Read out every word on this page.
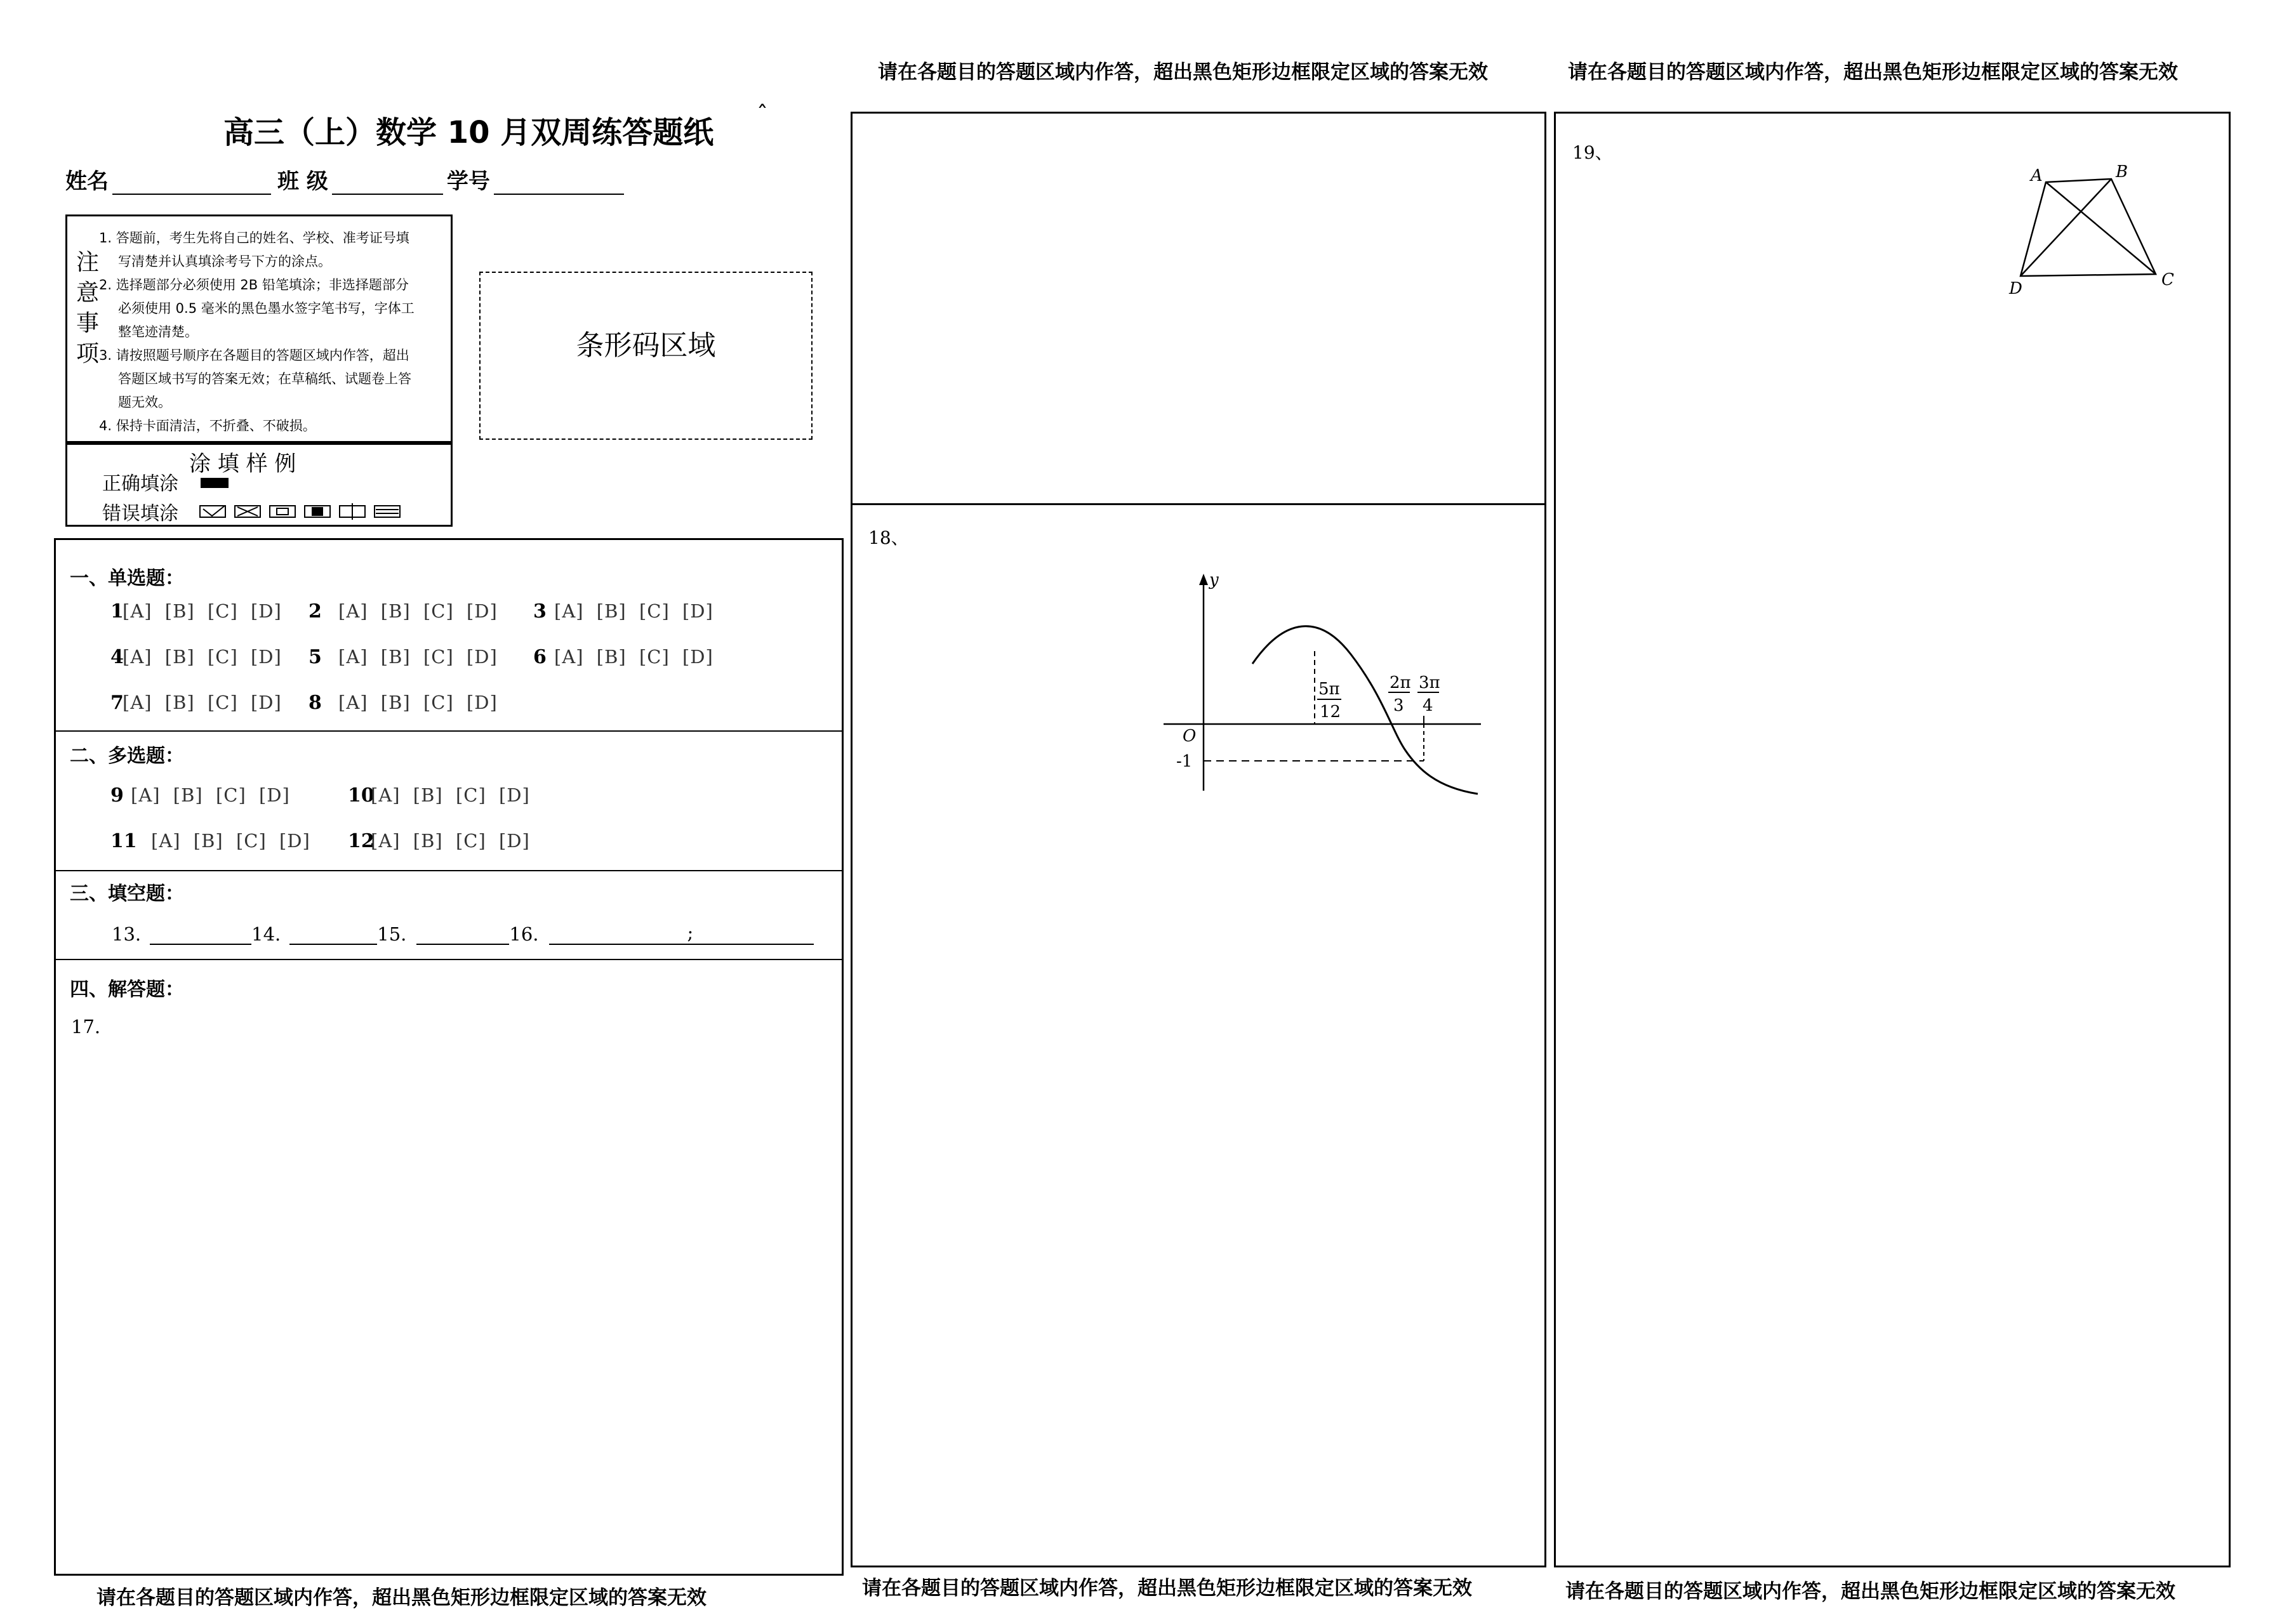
请在各题目的答题区域内作答，超出黑色矩形边框限定区域的答案无效	请在各题目的答题区域内作答，超出黑色矩形边框限定区域的答案无效
高三（上）数学 10 月双周练答题纸
ˆ
姓名	班 级	学号
注
意
事
项
1. 答题前，考生先将自己的姓名、学校、准考证号填
写清楚并认真填涂考号下方的涂点。
2. 选择题部分必须使用 2B 铅笔填涂；非选择题部分
必须使用 0.5 毫米的黑色墨水签字笔书写，字体工
整笔迹清楚。
3. 请按照题号顺序在各题目的答题区域内作答，超出
答题区域书写的答案无效；在草稿纸、试题卷上答
题无效。
4. 保持卡面清洁，不折叠、不破损。
条形码区域
涂 填 样 例
正确填涂
错误填涂
一、单选题：
1
[A] [B] [C] [D] 2 [A] [B] [C] [D] 3 [A] [B] [C] [D]
4
[A] [B] [C] [D] 5 [A] [B] [C] [D] 6 [A] [B] [C] [D]
7
[A] [B] [C] [D] 8 [A] [B] [C] [D]
二、多选题：
9 [A] [B] [C] [D]	10
[A] [B] [C] [D]
11 [A] [B] [C] [D] 12
[A] [B] [C] [D]
三、填空题：
13.	14.	15.	16.	;
四、解答题：
17.
18、
y
O
-1
5π
12
2π
3
3π
4
19、
A	B
C
D
请在各题目的答题区域内作答，超出黑色矩形边框限定区域的答案无效	请在各题目的答题区域内作答，超出黑色矩形边框限定区域的答案无效	请在各题目的答题区域内作答，超出黑色矩形边框限定区域的答案无效
